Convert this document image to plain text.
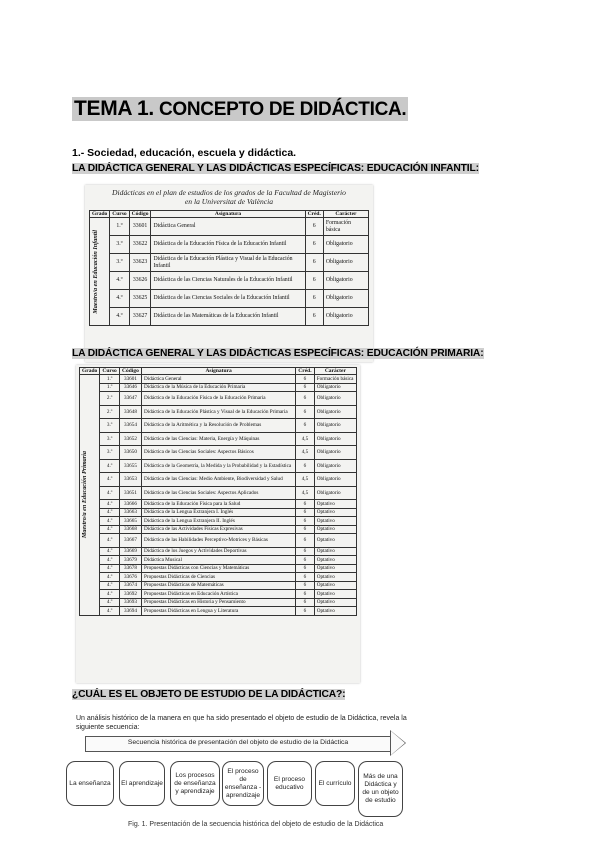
TEMA 1. CONCEPTO DE DIDÁCTICA.
1.- Sociedad, educación, escuela y didáctica.
LA DIDÁCTICA GENERAL Y LAS DIDÁCTICAS ESPECÍFICAS: EDUCACIÓN INFANTIL:
Didácticas en el plan de estudios de los grados de la Facultad de Magisterio
en la Universitat de València
Grado	Curso	Código	Asignatura	Créd.	Carácter

Maestro/a en Educación Infantil	1.º	33601	Didáctica General	6	Formación básica
	3.º	33622	Didáctica de la Educación Física de la Educación Infantil	6	Obligatorio
	3.º	33623	Didáctica de la Educación Plástica y Visual de la Educación Infantil	6	Obligatorio
	4.º	33626	Didáctica de las Ciencias Naturales de la Educación Infantil	6	Obligatorio
	4.º	33625	Didáctica de las Ciencias Sociales de la Educación Infantil	6	Obligatorio
	4.º	33627	Didáctica de las Matemáticas de la Educación Infantil	6	Obligatorio
LA DIDÁCTICA GENERAL Y LAS DIDÁCTICAS ESPECÍFICAS: EDUCACIÓN PRIMARIA:
Grado	Curso	Código	Asignatura	Créd.	Carácter

Maestro/a en Educación Primaria	1.º	33601	Didáctica General	6	Formación básica
	1.º	33646	Didáctica de la Música de la Educación Primaria	6	Obligatorio
	2.º	33647	Didáctica de la Educación Física de la Educación Primaria	6	Obligatorio
	2.º	33648	Didáctica de la Educación Plástica y Visual de la Educación Primaria	6	Obligatorio
	3.º	33654	Didáctica de la Aritmética y la Resolución de Problemas	6	Obligatorio
	3.º	33652	Didáctica de las Ciencias: Materia, Energía y Máquinas	4,5	Obligatorio
	3.º	33650	Didáctica de las Ciencias Sociales: Aspectos Básicos	4,5	Obligatorio
	4.º	33655	Didáctica de la Geometría, la Medida y la Probabilidad y la Estadística	6	Obligatorio
	4.º	33653	Didáctica de las Ciencias: Medio Ambiente, Biodiversidad y Salud	4,5	Obligatorio
	4.º	33651	Didáctica de las Ciencias Sociales: Aspectos Aplicados	4,5	Obligatorio
	4.º	33666	Didáctica de la Educación Física para la Salud	6	Optativo
	4.º	33663	Didáctica de la Lengua Extranjera I. Inglés	6	Optativo
	4.º	33665	Didáctica de la Lengua Extranjera II. Inglés	6	Optativo
	4.º	33668	Didáctica de las Actividades Físicas Expresivas	6	Optativo
	4.º	33667	Didáctica de las Habilidades Perceptivo-Motrices y Básicas	6	Optativo
	4.º	33669	Didáctica de los Juegos y Actividades Deportivas	6	Optativo
	4.º	33679	Didáctica Musical	6	Optativo
	4.º	33678	Propuestas Didácticas con Ciencias y Matemáticas	6	Optativo
	4.º	33676	Propuestas Didácticas de Ciencias	6	Optativo
	4.º	33674	Propuestas Didácticas de Matemáticas	6	Optativo
	4.º	33692	Propuestas Didácticas en Educación Artística	6	Optativo
	4.º	33693	Propuestas Didácticas en Historia y Pensamiento	6	Optativo
	4.º	33694	Propuestas Didácticas en Lengua y Literatura	6	Optativo
¿CUÁL ES EL OBJETO DE ESTUDIO DE LA DIDÁCTICA?:
Un análisis histórico de la manera en que ha sido presentado el objeto de estudio de la Didáctica, revela la siguiente secuencia:
Secuencia histórica de presentación del objeto de estudio de la Didáctica
La enseñanza	El aprendizaje
Los procesos de enseñanza y aprendizaje
El proceso de enseñanza - aprendizaje
El proceso educativo
El currículo
Más de una Didáctica y de un objeto de estudio
Fig. 1. Presentación de la secuencia histórica del objeto de estudio de la Didáctica
